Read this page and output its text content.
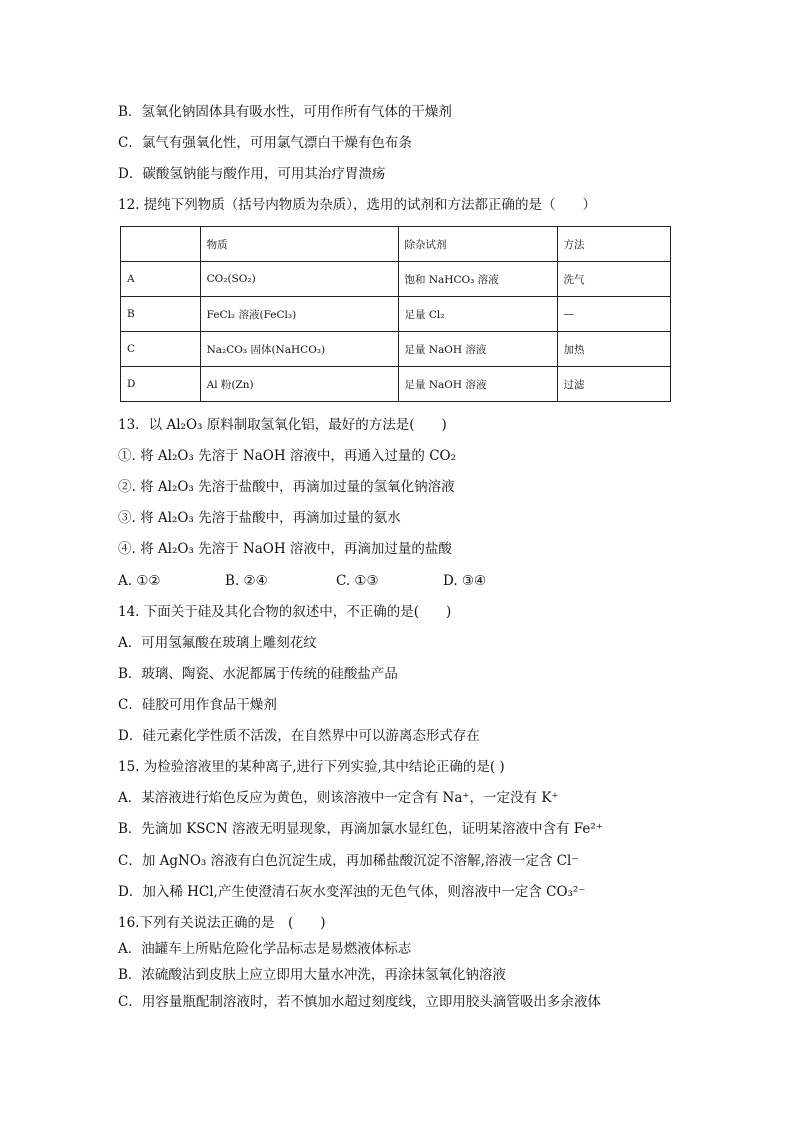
B．氢氧化钠固体具有吸水性，可用作所有气体的干燥剂
C．氯气有强氧化性，可用氯气漂白干燥有色布条
D．碳酸氢钠能与酸作用，可用其治疗胃溃疡
12. 提纯下列物质（括号内物质为杂质），选用的试剂和方法都正确的是（　　）
	物质	除杂试剂	方法
A	CO₂(SO₂)	饱和 NaHCO₃ 溶液	洗气
B	FeCl₂ 溶液(FeCl₃)	足量 Cl₂	—
C	Na₂CO₃ 固体(NaHCO₃)	足量 NaOH 溶液	加热
D	Al 粉(Zn)	足量 NaOH 溶液	过滤
13．以 Al₂O₃ 原料制取氢氧化铝，最好的方法是(　　)
①. 将 Al₂O₃ 先溶于 NaOH 溶液中，再通入过量的 CO₂
②. 将 Al₂O₃ 先溶于盐酸中，再滴加过量的氢氧化钠溶液
③. 将 Al₂O₃ 先溶于盐酸中，再滴加过量的氨水
④. 将 Al₂O₃ 先溶于 NaOH 溶液中，再滴加过量的盐酸
A. ①②	B. ②④	C. ①③	D. ③④
14. 下面关于硅及其化合物的叙述中，不正确的是(　　)
A．可用氢氟酸在玻璃上雕刻花纹
B．玻璃、陶瓷、水泥都属于传统的硅酸盐产品
C．硅胶可用作食品干燥剂
D．硅元素化学性质不活泼，在自然界中可以游离态形式存在
15. 为检验溶液里的某种离子,进行下列实验,其中结论正确的是( )
A．某溶液进行焰色反应为黄色，则该溶液中一定含有 Na⁺，一定没有 K⁺
B．先滴加 KSCN 溶液无明显现象，再滴加氯水显红色，证明某溶液中含有 Fe²⁺
C．加 AgNO₃ 溶液有白色沉淀生成，再加稀盐酸沉淀不溶解,溶液一定含 Cl⁻
D．加入稀 HCl,产生使澄清石灰水变浑浊的无色气体，则溶液中一定含 CO₃²⁻
16.下列有关说法正确的是　(　　)
A．油罐车上所贴危险化学品标志是易燃液体标志
B．浓硫酸沾到皮肤上应立即用大量水冲洗，再涂抹氢氧化钠溶液
C．用容量瓶配制溶液时，若不慎加水超过刻度线，立即用胶头滴管吸出多余液体
